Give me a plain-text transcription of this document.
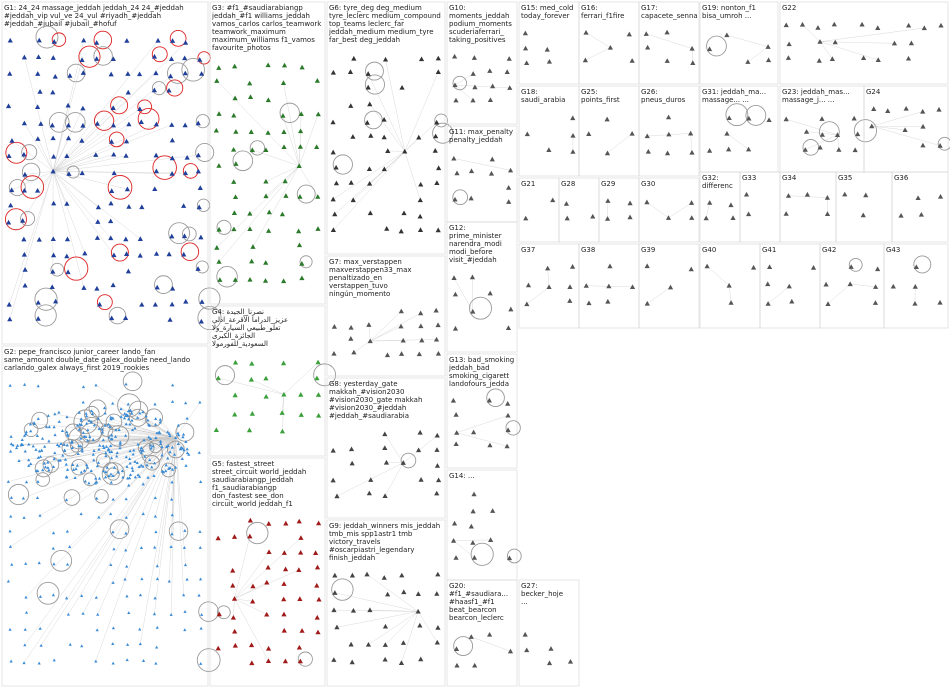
G1: 24_24 massage_jeddah jeddah_24 24_#jeddah #jeddah_vip vul_ve 24_vul #riyadh_#jeddah #jeddah_#jubail #jubail_#hofuf
G2: pepe_francisco junior_career lando_fan same_amount double_date galex_double need_lando carlando_galex always_first 2019_rookies
G3: #f1_#saudiarabiangp jeddah_#f1 williams_jeddah vamos_carlos carlos_teamwork teamwork_maximum maximum_williams f1_vamos favourite_photos
G4: نصرنا_الجيدة عزيز_الدراما الأقرعة_ادلي تعلو_طبيعي السيارة_ولا الجائزة_الكبرى السعودية_للفورمولا
G5: fastest_street street_circuit world_jeddah saudiarabiangp_jeddah f1_saudiarabiangp don_fastest see_don circuit_world jeddah_f1
G6: tyre_deg deg_medium tyre_leclerc medium_compound top_teams leclerc_far jeddah_medium medium_tyre far_best deg_jeddah
G7: max_verstappen maxverstappen33_max penaltizado_en verstappen_tuvo ningún_momento
G8: yesterday_gate makkah_#vision2030 #vision2030_gate makkah #vision2030_#jeddah #jeddah_#saudiarabia
G9: jeddah_winners mis_jeddah tmb_mis spp1astr1 tmb victory_travels #oscarpiastri_legendary finish_jeddah
G10: moments_jeddah podium_moments scuderiaferrari_ taking_positives
G11: max_penalty penalty_jeddah
G12: prime_minister narendra_modi modi_before visit_#jeddah
G13: bad_smoking jeddah_bad smoking_cigarett landofours_jedda
G14: ...
G15: med_cold today_forever
G16: ferrari_f1fire
G17: capacete_senna
G18: saudi_arabia
G19: nonton_f1 bisa_umroh ...
G20: #f1_#saudiara... #haasf1_#f1 beat_bearcon bearcon_leclerc
G21
G22
G23: jeddah_mas... massage_j... ...
G24
G25: points_first
G26: pneus_duros
G27: becker_hoje ...
G28	G29	G30
G31: jeddah_ma... massage... ...
G32: differenc
G33	G34	G35	G36
G37	G38	G39	G40	G41	G42	G43
